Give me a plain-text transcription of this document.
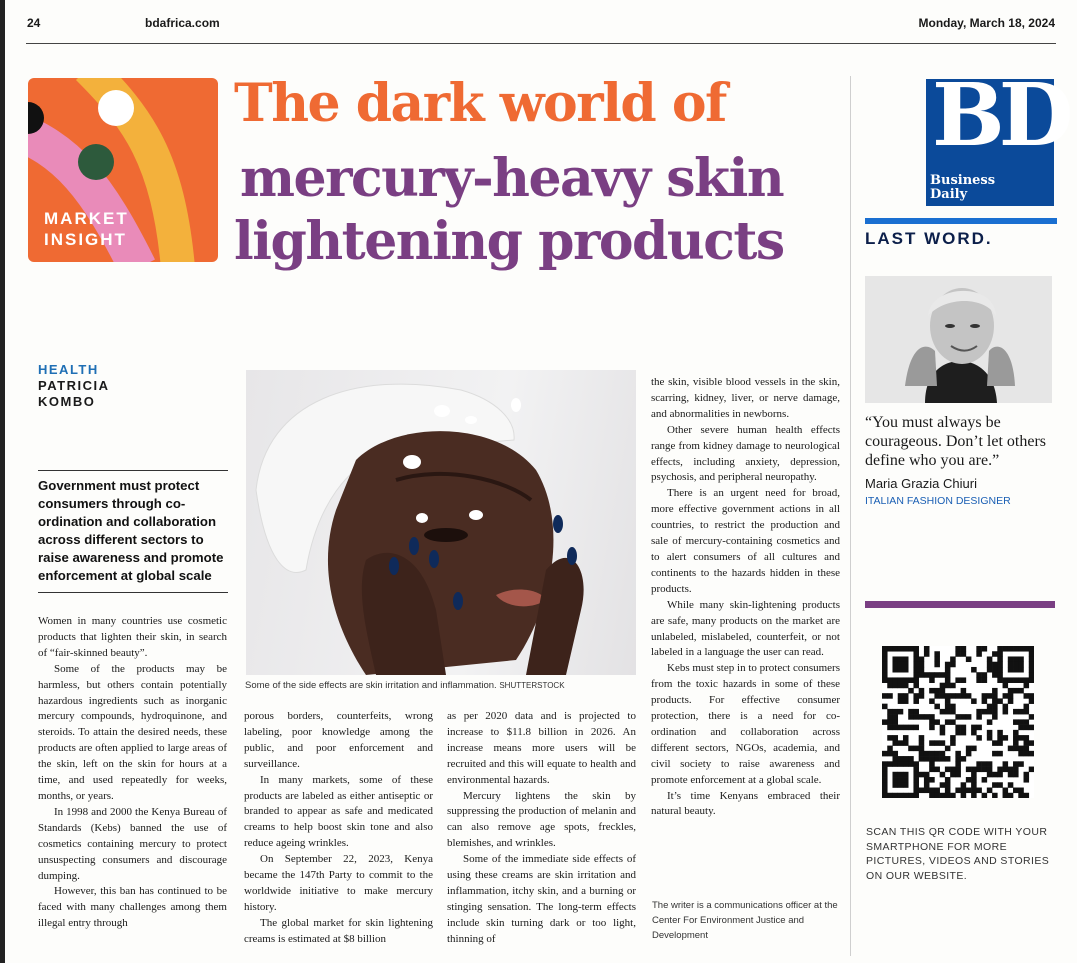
24	bdafrica.com	Monday, March 18, 2024
MARKET
INSIGHT
The dark world of
mercury-heavy skin
lightening products
HEALTH
PATRICIA
KOMBO
Government must protect consumers through co-ordination and collaboration across different sectors to raise awareness and promote enforcement at global scale
Some of the side effects are skin irritation and inflammation. SHUTTERSTOCK

Women in many countries use cosmetic products that lighten their skin, in search of “fair-skinned beauty”.

Some of the products may be harmless, but others contain potentially hazardous ingredients such as inorganic mercury compounds, hydroquinone, and steroids. To attain the desired needs, these products are often applied to large areas of the skin, left on the skin for hours at a time, and used repeatedly for weeks, months, or years.

In 1998 and 2000 the Kenya Bureau of Standards (Kebs) banned the use of cosmetics containing mercury to protect unsuspecting consumers and discourage dumping.

However, this ban has continued to be faced with many challenges among them illegal entry through

porous borders, counterfeits, wrong labeling, poor knowledge among the public, and poor enforcement and surveillance.

In many markets, some of these products are labeled as either antiseptic or branded to appear as safe and medicated creams to help boost skin tone and also reduce ageing wrinkles.

On September 22, 2023, Kenya became the 147th Party to commit to the worldwide initiative to make mercury history.

The global market for skin lightening creams is estimated at $8 billion

as per 2020 data and is projected to increase to $11.8 billion in 2026. An increase means more users will be recruited and this will equate to health and environmental hazards.

Mercury lightens the skin by suppressing the production of melanin and can also remove age spots, freckles, blemishes, and wrinkles.

Some of the immediate side effects of using these creams are skin irritation and inflammation, itchy skin, and a burning or stinging sensation. The long-term effects include skin turning dark or too light, thinning of

the skin, visible blood vessels in the skin, scarring, kidney, liver, or nerve damage, and abnormalities in newborns.

Other severe human health effects range from kidney damage to neurological effects, including anxiety, depression, psychosis, and peripheral neuropathy.

There is an urgent need for broad, more effective government actions in all countries, to restrict the production and sale of mercury-containing cosmetics and to alert consumers of all cultures and continents to the hazards hidden in these products.

While many skin-lightening products are safe, many products on the market are unlabeled, mislabeled, counterfeit, or not labeled in a language the user can read.

Kebs must step in to protect consumers from the toxic hazards in some of these products. For effective consumer protection, there is a need for co-ordination and collaboration across different sectors, NGOs, academia, and civil society to raise awareness and promote enforcement at a global scale.

It’s time Kenyans embraced their natural beauty.

The writer is a communications officer at the Center For Environment Justice and Development
BD
Business
Daily
LAST WORD.
“You must always be courageous. Don’t let others define who you are.”
Maria Grazia Chiuri
ITALIAN FASHION DESIGNER
SCAN THIS QR CODE WITH YOUR SMARTPHONE FOR MORE PICTURES, VIDEOS AND STORIES ON OUR WEBSITE.
